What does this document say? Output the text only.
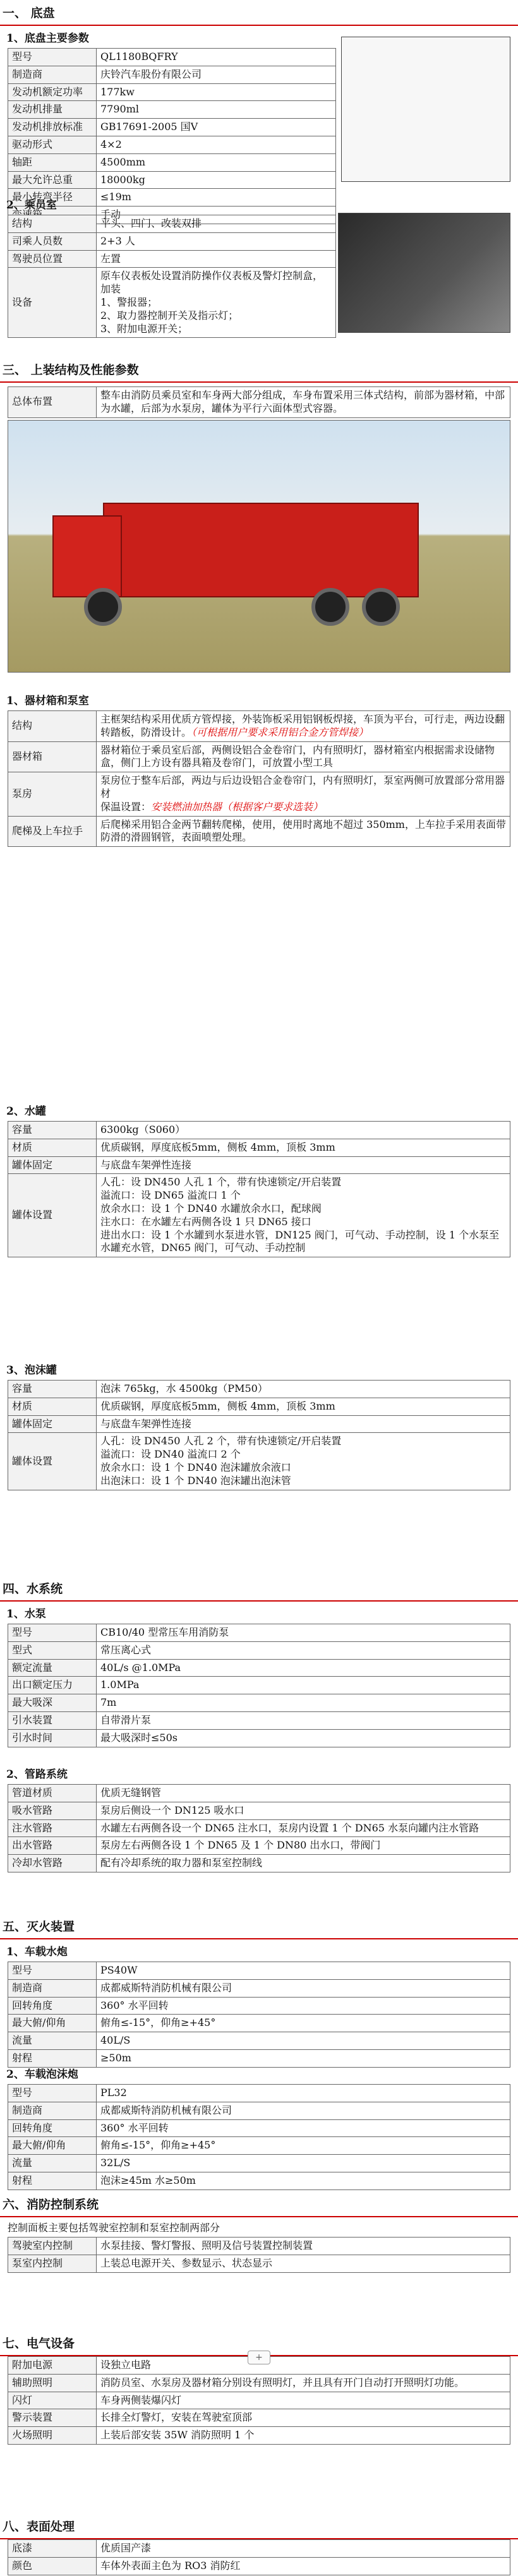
一、 底盘
1、底盘主要参数
型号	QL1180BQFRY
制造商	庆铃汽车股份有限公司
发动机额定功率	177kw
发动机排量	7790ml
发动机排放标准	GB17691-2005 国Ⅴ
驱动形式	4×2
轴距	4500mm
最大允许总重	18000kg
最小转弯半径	≤19m
	手动
2、乘员室
结构	平头、四门、改装双排
司乘人员数	2+3 人
驾驶员位置	左置
设备	原车仪表板处设置消防操作仪表板及警灯控制盒，加装
1、警报器；
2、取力器控制开关及指示灯；
3、附加电源开关；
三、 上装结构及性能参数
总体布置	整车由消防员乘员室和车身两大部分组成，车身布置采用三体式结构，前部为器材箱，中部为水罐，后部为水泵房，罐体为平行六面体型式容器。
1、器材箱和泵室
结构	主框架结构采用优质方管焊接，外装饰板采用铝钢板焊接，车顶为平台，可行走，两边设翻转踏板，防滑设计。（可根据用户要求采用铝合金方管焊接）
器材箱	器材箱位于乘员室后部，两侧设铝合金卷帘门，内有照明灯，器材箱室内根据需求设储物盒，侧门上方设有器具箱及卷帘门，可放置小型工具
泵房	泵房位于整车后部，两边与后边设铝合金卷帘门，内有照明灯，泵室两侧可放置部分常用器材
保温设置：安装燃油加热器（根据客户要求选装）
爬梯及上车拉手	后爬梯采用铝合金两节翻转爬梯，使用，使用时离地不超过 350mm，上车拉手采用表面带防滑的滑圆钢管，表面喷塑处理。
2、水罐
容量	6300kg（S060）
材质	优质碳钢，厚度底板5mm，侧板 4mm，顶板 3mm
罐体固定	与底盘车架弹性连接
罐体设置	人孔：设 DN450 人孔 1 个，带有快速锁定/开启装置
溢流口：设 DN65 溢流口 1 个
放余水口：设 1 个 DN40 水罐放余水口，配球阀
注水口：在水罐左右两侧各设 1 只 DN65 接口
进出水口：设 1 个水罐到水泵进水管，DN125 阀门，可气动、手动控制，设 1 个水泵至水罐充水管，DN65 阀门，可气动、手动控制
3、泡沫罐
容量	泡沫 765kg，水 4500kg（PM50）
材质	优质碳钢，厚度底板5mm，侧板 4mm，顶板 3mm
罐体固定	与底盘车架弹性连接
罐体设置	人孔：设 DN450 人孔 2 个，带有快速锁定/开启装置
溢流口：设 DN40 溢流口 2 个
放余水口：设 1 个 DN40 泡沫罐放余液口
出泡沫口：设 1 个 DN40 泡沫罐出泡沫管
四、水系统
1、水泵
型号	CB10/40 型常压车用消防泵
型式	常压离心式
额定流量	40L/s @1.0MPa
出口额定压力	1.0MPa
最大吸深	7m
引水装置	自带滑片泵
引水时间	最大吸深时≤50s
2、管路系统
管道材质	优质无缝钢管
吸水管路	泵房后侧设一个 DN125 吸水口
注水管路	水罐左右两侧各设一个 DN65 注水口，泵房内设置 1 个 DN65 水泵向罐内注水管路
出水管路	泵房左右两侧各设 1 个 DN65 及 1 个 DN80 出水口，带阀门
冷却水管路	配有冷却系统的取力器和泵室控制线
五、灭火装置
1、车载水炮
型号	PS40W
制造商	成都威斯特消防机械有限公司
回转角度	360° 水平回转
最大俯/仰角	俯角≤-15°，仰角≥+45°
流量	40L/S
射程	≥50m
2、车载泡沫炮
型号	PL32
制造商	成都威斯特消防机械有限公司
回转角度	360° 水平回转
最大俯/仰角	俯角≤-15°，仰角≥+45°
流量	32L/S
射程	泡沫≥45m 水≥50m
六、消防控制系统
控制面板主要包括驾驶室控制和泵室控制两部分
驾驶室内控制	水泵挂接、警灯警报、照明及信号装置控制装置
泵室内控制	上装总电源开关、参数显示、状态显示
七、电气设备
附加电源	设独立电路
辅助照明	消防员室、水泵房及器材箱分别设有照明灯，并且具有开门自动打开照明灯功能。
闪灯	车身两侧装爆闪灯
警示装置	长排全灯警灯，安装在驾驶室顶部
火场照明	上装后部安装 35W 消防照明 1 个
八、表面处理
底漆	优质国产漆
颜色	车体外表面主色为 RO3 消防红
+
